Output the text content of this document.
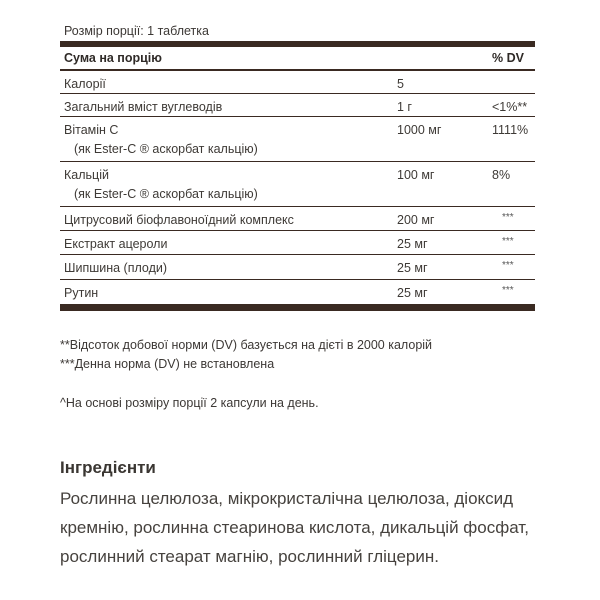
Розмір порції: 1 таблетка
Сума на порцію	% DV
Калорії	5
Загальний вміст вуглеводів	1 г	<1%**
Вітамін С
(як Ester-C ® аскорбат кальцію)
1000 мг	1111%
Кальцій
(як Ester-C ® аскорбат кальцію)
100 мг	8%
Цитрусовий біофлавоноїдний комплекс	200 мг	***
Екстракт ацероли	25 мг	***
Шипшина (плоди)	25 мг	***
Рутин	25 мг	***
**Відсоток добової норми (DV) базується на дієті в 2000 калорій
***Денна норма (DV) не встановлена
^На основі розміру порції 2 капсули на день.
Інгредієнти
Рослинна целюлоза, мікрокристалічна целюлоза, діоксид кремнію, рослинна стеаринова кислота, дикальцій фосфат, рослинний стеарат магнію, рослинний гліцерин.
